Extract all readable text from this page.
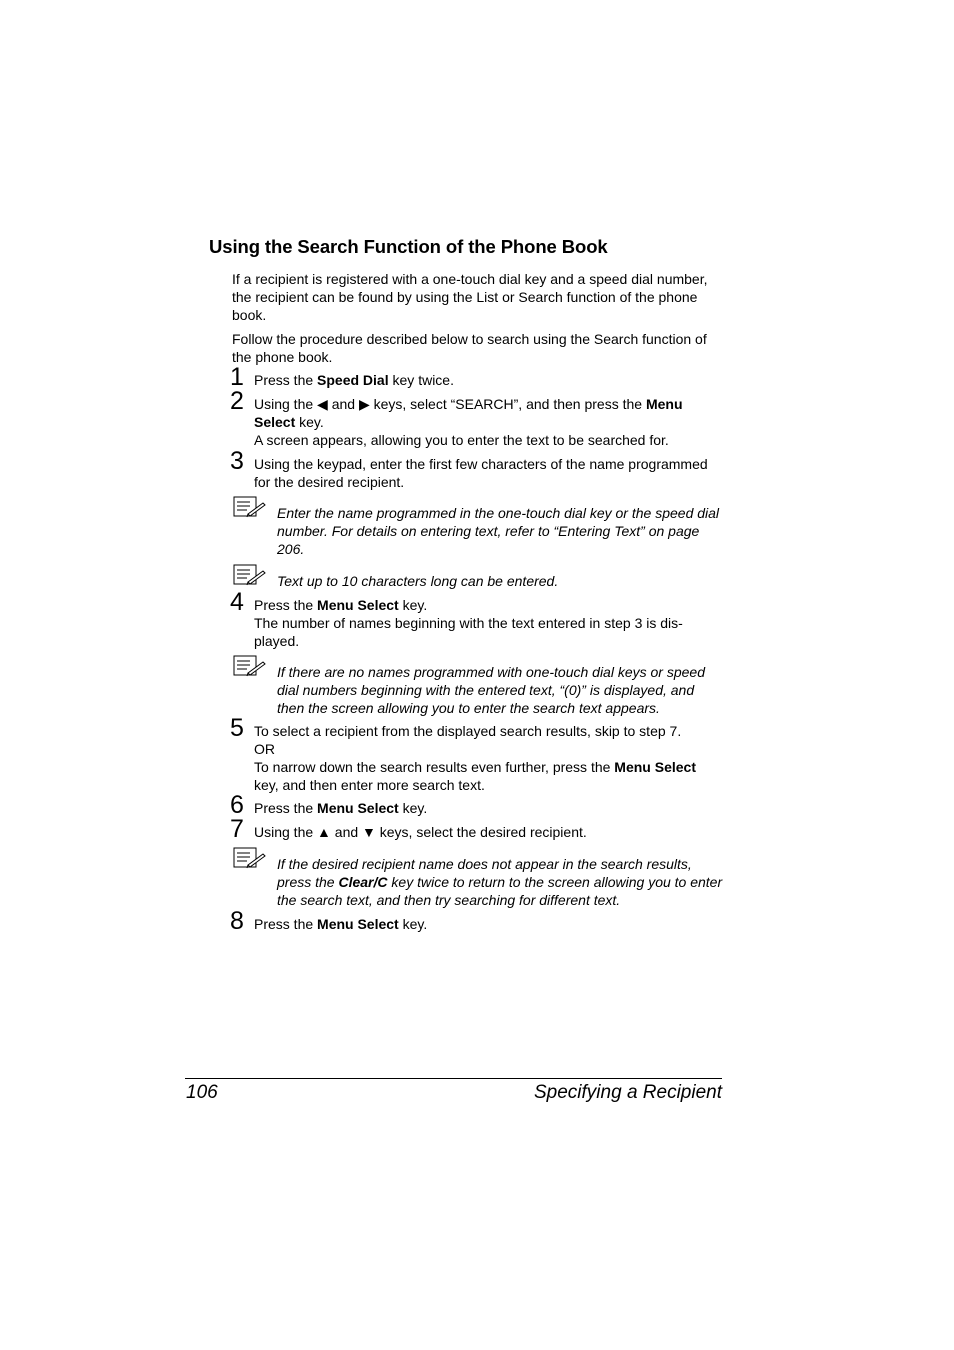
Using the Search Function of the Phone Book

If a recipient is registered with a one-touch dial key and a speed dial number, the recipient can be found by using the List or Search function of the phone book.

Follow the procedure described below to search using the Search function of the phone book.

1 Press the Speed Dial key twice.

2 Using the ◀ and ▶ keys, select “SEARCH”, and then press the Menu Select key.

A screen appears, allowing you to enter the text to be searched for.

3 Using the keypad, enter the first few characters of the name programmed for the desired recipient.

Enter the name programmed in the one-touch dial key or the speed dial number. For details on entering text, refer to “Entering Text” on page 206.

Text up to 10 characters long can be entered.

4 Press the Menu Select key.

The number of names beginning with the text entered in step 3 is dis-played.

If there are no names programmed with one-touch dial keys or speed dial numbers beginning with the entered text, “(0)” is displayed, and then the screen allowing you to enter the search text appears.

5 To select a recipient from the displayed search results, skip to step 7.

OR

To narrow down the search results even further, press the Menu Select key, and then enter more search text.

6 Press the Menu Select key.

7 Using the ▲ and ▼ keys, select the desired recipient.

If the desired recipient name does not appear in the search results, press the Clear/C key twice to return to the screen allowing you to enter the search text, and then try searching for different text.

8 Press the Menu Select key.

106	Specifying a Recipient
